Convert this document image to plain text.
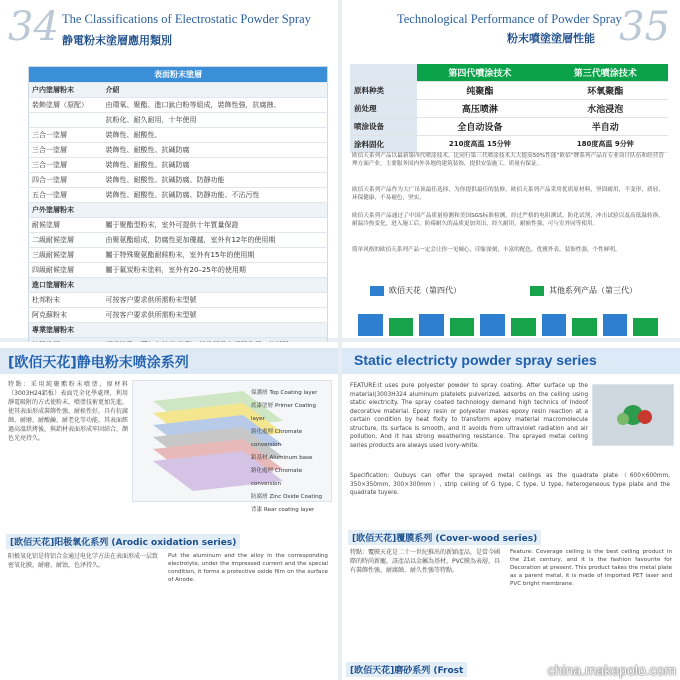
34 The Classifications of Electrostatic Powder Spray
静電粉末塗層應用類別
表面粉末塗層	
户内塗層粉末	介紹
裝飾塗層（原配）	由環氧、聚酯、進口鈦白粉等組成，裝飾性強，抗腐蝕、
	抗粉化、耐久耐用，十年使用
三合一塗層	裝飾性、耐酸性、
三合一塗層	裝飾性、耐酸性、抗碱防腐
三合一塗層	裝飾性、耐酸性、抗碱防腐
四合一塗層	裝飾性、耐酸性、抗碱防腐、防靜功能
五合一塗層	裝飾性、耐酸性、抗碱防腐、防靜功能、不沾污性
户外塗層粉末	
耐候塗層	屬于聚酯型粉末，室外可提供十年質量保證
二級耐候塗層	由聚氨酯組成，防腐性更加優越，室外有12年的使用期
三級耐候塗層	屬于特殊聚氨酯耐候粉末，室外有15年的使用期
四級耐候塗層	屬于氟炭粉末塗料，室外有20–25年的使用期
進口塗層粉末	
杜邦粉末	可按客户要求供所需粉末型號
阿克蘇粉末	可按客户要求供所需粉末型號
專業塗層粉末	

35
Technological Performance of Powder Spray
粉末噴塗塗層性能
	第四代噴涂技术	第三代噴涂技术
原料种类	纯聚酯	环氧聚酯
前处理	高压喷淋	水池浸泡
喷涂设备	全自动设备	半自动
涂料固化	210度高温 15分钟	180度高温 9分钟
欧佰天系列产品以最新第四代喷涂技术，比同行第三代喷涂技术大大提高50%性能“欧佰”牌系列产品在专业设计队伍和经营管理方面产业，主要服务国内外各地的建筑装饰，提供安装施工，质量有保证。
欧佰天系列产品作为大广吊顶最佳选择，为你提供最佳的装修，欧佰天系列产品采用优质原材料，坚固耐用，不变形，质轻，环保健康，不易褪色，坚实，
欧佰天系列产品通过了中国产品质量检测和美国SGS标准检测，经过严格的电阻测试，防化试剂，冲击试验以及高低温转换，耐温冷热变化。进入施工后，防霉耐久的品质更加突出，经久耐用，耐候性强，可与室外同等使用。
简单风格的欧佰天系列产品一定会让你一见倾心，印象深刻，丰富的配色，优雅外表，装饰性强，个性鲜明。
欧佰天花（第四代）	其他系列产品（第三代）
[欧佰天花]静电粉末喷涂系列
特點：采用純聚酯粉末噴塗，原材料（3003H24鋁板）表面完全化學處理，利用靜電吸附的方式使粉末，噴塗技術更加先進，使其表面形成裝飾性強、耐候性好，具有抗腐蝕、耐磨、耐酸鹼、耐老化等功能，其表面經過高溫烘烤後，與鋁材表面形成牢固結合，顏色光亮持久。
保護層 Top Coating layer
底漆塗層 Primer Coating layer
鉻化處理 Chromate conversion
鋁基材 Aluminum base
鉻化處理 Chromate conversion
防腐層 Zinc Oxide Coating
背漆 Rear coating layer
[欧佰天花]阳极氧化系列 (Arodic oxidation series)
阳极氧化铝是将铝合金通过电化学方法在表面形成一层致密氧化膜，耐磨、耐蚀，色泽持久。
Put the aluminum and the alloy in the corresponding electrolyte, under the impressed current and the special condition, it forms a protective oxide film on the surface of Anode.
Static electricty powder spray series
FEATURE:it uses pure polyester powder to spray coating. After surface up the material(3003H324 aluminum platelets pulverized, adsorbs on the ceiling using static electricity. The spray coated technology demand high technics of Indoof decorative material. Epoxy resin or polyester makes epoxy resin reaction at a certain condition by heat fixity to transform epoxy material macromolecule structure, its surface is smooth, and it avoids from ultraviolet radiation and air pollution, And it has strong weathering resistance. The sprayed metal ceiling series products are always used ivory-white.
Specification: Oubuys can offer the sprayed metal ceilings as the quadrate plate（600×600mm, 350×350mm, 300×300mm）, strip ceiling of G type, C type, U type, heterogeneous type plate and the quadrate tuyere.
[欧佰天花]覆膜系列 (Cover-wood series)
特點：覆膜天花是二十一世紀推出的新穎產品，是當今國際的時尚新寵，該產品以金屬為基材，PVC膜為表層，具有裝飾性強、耐腐蝕、耐久性強等特點。
Feature: Coverage ceiling is the best ceiling product in the 21st century, and it is the fashion favourite for Decoration at present. This product takes the metal plate as a parent metal, it is made of imported PET laser and PVC bright membrane.
[欧佰天花]磨砂系列 (Frost	china.makepolo.com
